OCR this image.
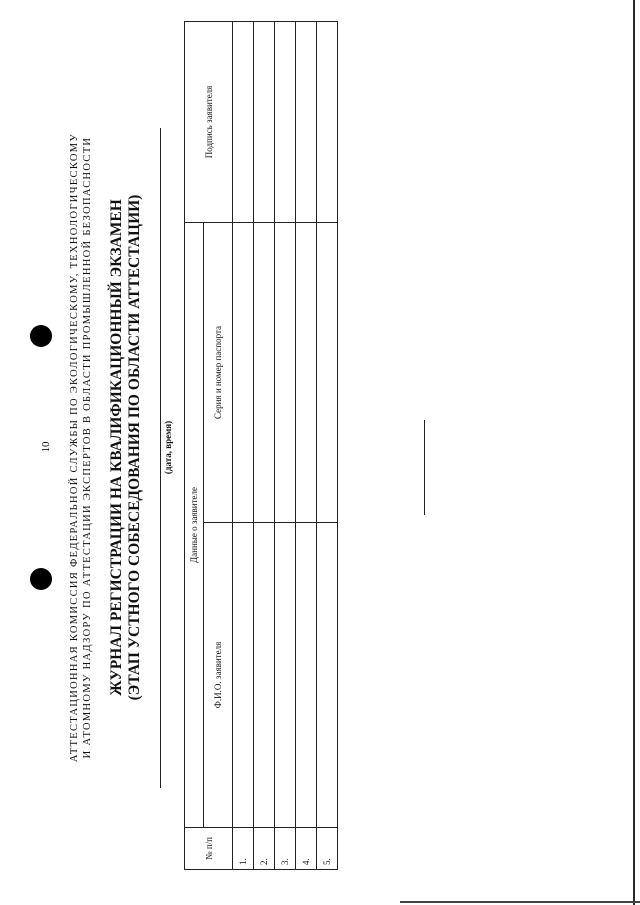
10 АТТЕСТАЦИОННАЯ КОМИССИЯ ФЕДЕРАЛЬНОЙ СЛУЖБЫ ПО ЭКОЛОГИЧЕСКОМУ, ТЕХНОЛОГИЧЕСКОМУ И АТОМНОМУ НАДЗОРУ ПО АТТЕСТАЦИИ ЭКСПЕРТОВ В ОБЛАСТИ ПРОМЫШЛЕННОЙ БЕЗОПАСНОСТИ ЖУРНАЛ РЕГИСТРАЦИИ НА КВАЛИФИКАЦИОННЫЙ ЭКЗАМЕН (ЭТАП УСТНОГО СОБЕСЕДОВАНИЯ ПО ОБЛАСТИ АТТЕСТАЦИИ) (дата, время)
№ п/п	Данные о заявителе		Подпись заявителя
	Ф.И.О. заявителя	Серия и номер паспорта	
1.			
2.			
3.			
4.			
5.			
